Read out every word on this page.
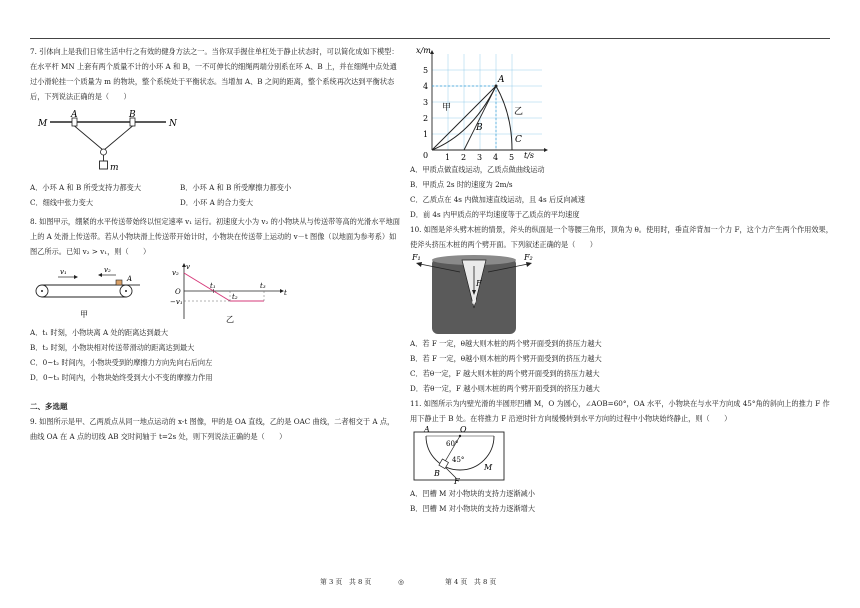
7. 引体向上是我们日常生活中行之有效的健身方法之一。当你双手握住单杠处于静止状态时，可以简化成如下模型：在水平杆 MN 上套有两个质量不计的小环 A 和 B，一不可伸长的细绳两端分别系在环 A、B 上，并在细绳中点处通过小滑轮挂一个质量为 m 的物块，整个系统处于平衡状态。当增加 A、B 之间的距离，整个系统再次达到平衡状态后，下列说法正确的是（　　）

M
A	B
N
m
A．小环 A 和 B 所受支持力都变大	B．小环 A 和 B 所受摩擦力都变小
C．细线中张力变大	D．小环 A 的合力变大

8. 如图甲示，绷紧的水平传送带始终以恒定速率 v₁ 运行。初速度大小为 v₂ 的小物块从与传送带等高的光滑水平地面上的 A 处滑上传送带。若从小物块滑上传送带开始计时，小物块在传送带上运动的 v－t 图像（以地面为参考系）如图乙所示。已知 v₂ > v₁，则（　　）

v₁	v₂
A
甲
v
v₂
O
−v₁
t₁
t₂
t₃
t
乙

A．t₁ 时刻，小物块离 A 处的距离达到最大

B．t₂ 时刻，小物块相对传送带滑动的距离达到最大

C．0~t₂ 时间内，小物块受到的摩擦力方向先向右后向左

D．0~t₃ 时间内，小物块始终受到大小不变的摩擦力作用

二、多选题

9. 如图所示是甲、乙两质点从同一地点运动的 x-t 图像，甲的是 OA 直线，乙的是 OAC 曲线，二者相交于 A 点，曲线 OA 在 A 点的切线 AB 交时间轴于 t=2s 处，则下列说法正确的是（　　）

x/m
t/s
5
4
3
2
1
0 1 2 3 4 5
A
B
C
甲	乙

A．甲质点做直线运动，乙质点做曲线运动

B．甲质点 2s 时的速度为 2m/s

C．乙质点在 4s 内做加速直线运动，且 4s 后反向减速

D．前 4s 内甲质点的平均速度等于乙质点的平均速度

10. 如图是斧头劈木桩的情景，斧头的纵面是一个等腰三角形，顶角为 θ。使用时，垂直斧背加一个力 F，这个力产生两个作用效果，使斧头挤压木桩的两个劈开面。下列叙述正确的是（　　）

F₁	F₂
F
θ

A．若 F 一定，θ越大则木桩的两个劈开面受到的挤压力越大

B．若 F 一定，θ越小则木桩的两个劈开面受到的挤压力越大

C．若θ一定，F 越大则木桩的两个劈开面受到的挤压力越大

D．若θ一定，F 越小则木桩的两个劈开面受到的挤压力越大

11. 如图所示为内壁光滑的半圆形凹槽 M，O 为圆心，∠AOB=60°，OA 水平，小物块在与水平方向成 45°角的斜向上的推力 F 作用下静止于 B 处。在将推力 F 沿逆时针方向缓慢转到水平方向的过程中小物块始终静止，则（　　）

A	O
60°
45°
B
F
M

A．凹槽 M 对小物块的支持力逐渐减小

B．凹槽 M 对小物块的支持力逐渐增大

第 3 页　共 8 页	◎	第 4 页　共 8 页
